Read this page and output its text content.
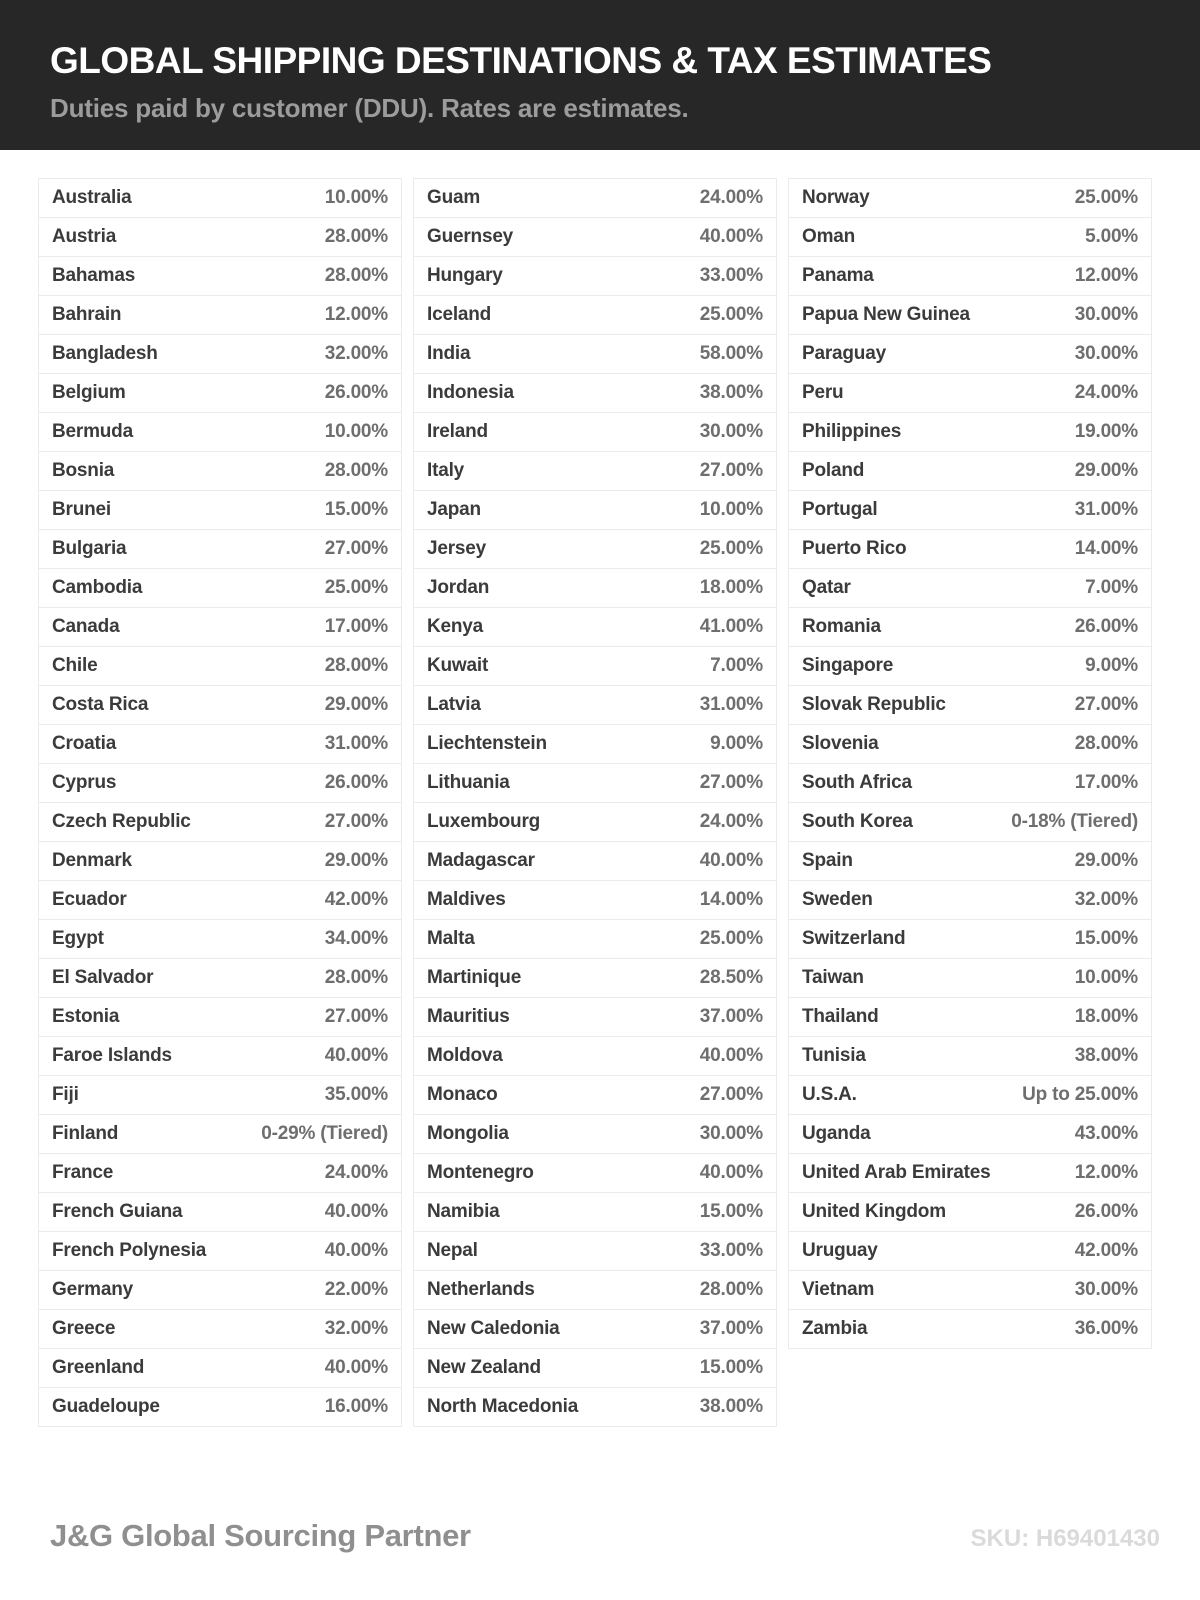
GLOBAL SHIPPING DESTINATIONS & TAX ESTIMATES

Duties paid by customer (DDU). Rates are estimates.

Australia	10.00%
Austria	28.00%
Bahamas	28.00%
Bahrain	12.00%
Bangladesh	32.00%
Belgium	26.00%
Bermuda	10.00%
Bosnia	28.00%
Brunei	15.00%
Bulgaria	27.00%
Cambodia	25.00%
Canada	17.00%
Chile	28.00%
Costa Rica	29.00%
Croatia	31.00%
Cyprus	26.00%
Czech Republic	27.00%
Denmark	29.00%
Ecuador	42.00%
Egypt	34.00%
El Salvador	28.00%
Estonia	27.00%
Faroe Islands	40.00%
Fiji	35.00%
Finland	0-29% (Tiered)
France	24.00%
French Guiana	40.00%
French Polynesia	40.00%
Germany	22.00%
Greece	32.00%
Greenland	40.00%
Guadeloupe	16.00%
Guam	24.00%
Guernsey	40.00%
Hungary	33.00%
Iceland	25.00%
India	58.00%
Indonesia	38.00%
Ireland	30.00%
Italy	27.00%
Japan	10.00%
Jersey	25.00%
Jordan	18.00%
Kenya	41.00%
Kuwait	7.00%
Latvia	31.00%
Liechtenstein	9.00%
Lithuania	27.00%
Luxembourg	24.00%
Madagascar	40.00%
Maldives	14.00%
Malta	25.00%
Martinique	28.50%
Mauritius	37.00%
Moldova	40.00%
Monaco	27.00%
Mongolia	30.00%
Montenegro	40.00%
Namibia	15.00%
Nepal	33.00%
Netherlands	28.00%
New Caledonia	37.00%
New Zealand	15.00%
North Macedonia	38.00%
Norway	25.00%
Oman	5.00%
Panama	12.00%
Papua New Guinea	30.00%
Paraguay	30.00%
Peru	24.00%
Philippines	19.00%
Poland	29.00%
Portugal	31.00%
Puerto Rico	14.00%
Qatar	7.00%
Romania	26.00%
Singapore	9.00%
Slovak Republic	27.00%
Slovenia	28.00%
South Africa	17.00%
South Korea	0-18% (Tiered)
Spain	29.00%
Sweden	32.00%
Switzerland	15.00%
Taiwan	10.00%
Thailand	18.00%
Tunisia	38.00%
U.S.A.	Up to 25.00%
Uganda	43.00%
United Arab Emirates	12.00%
United Kingdom	26.00%
Uruguay	42.00%
Vietnam	30.00%
Zambia	36.00%
J&G Global Sourcing Partner	SKU: H69401430
